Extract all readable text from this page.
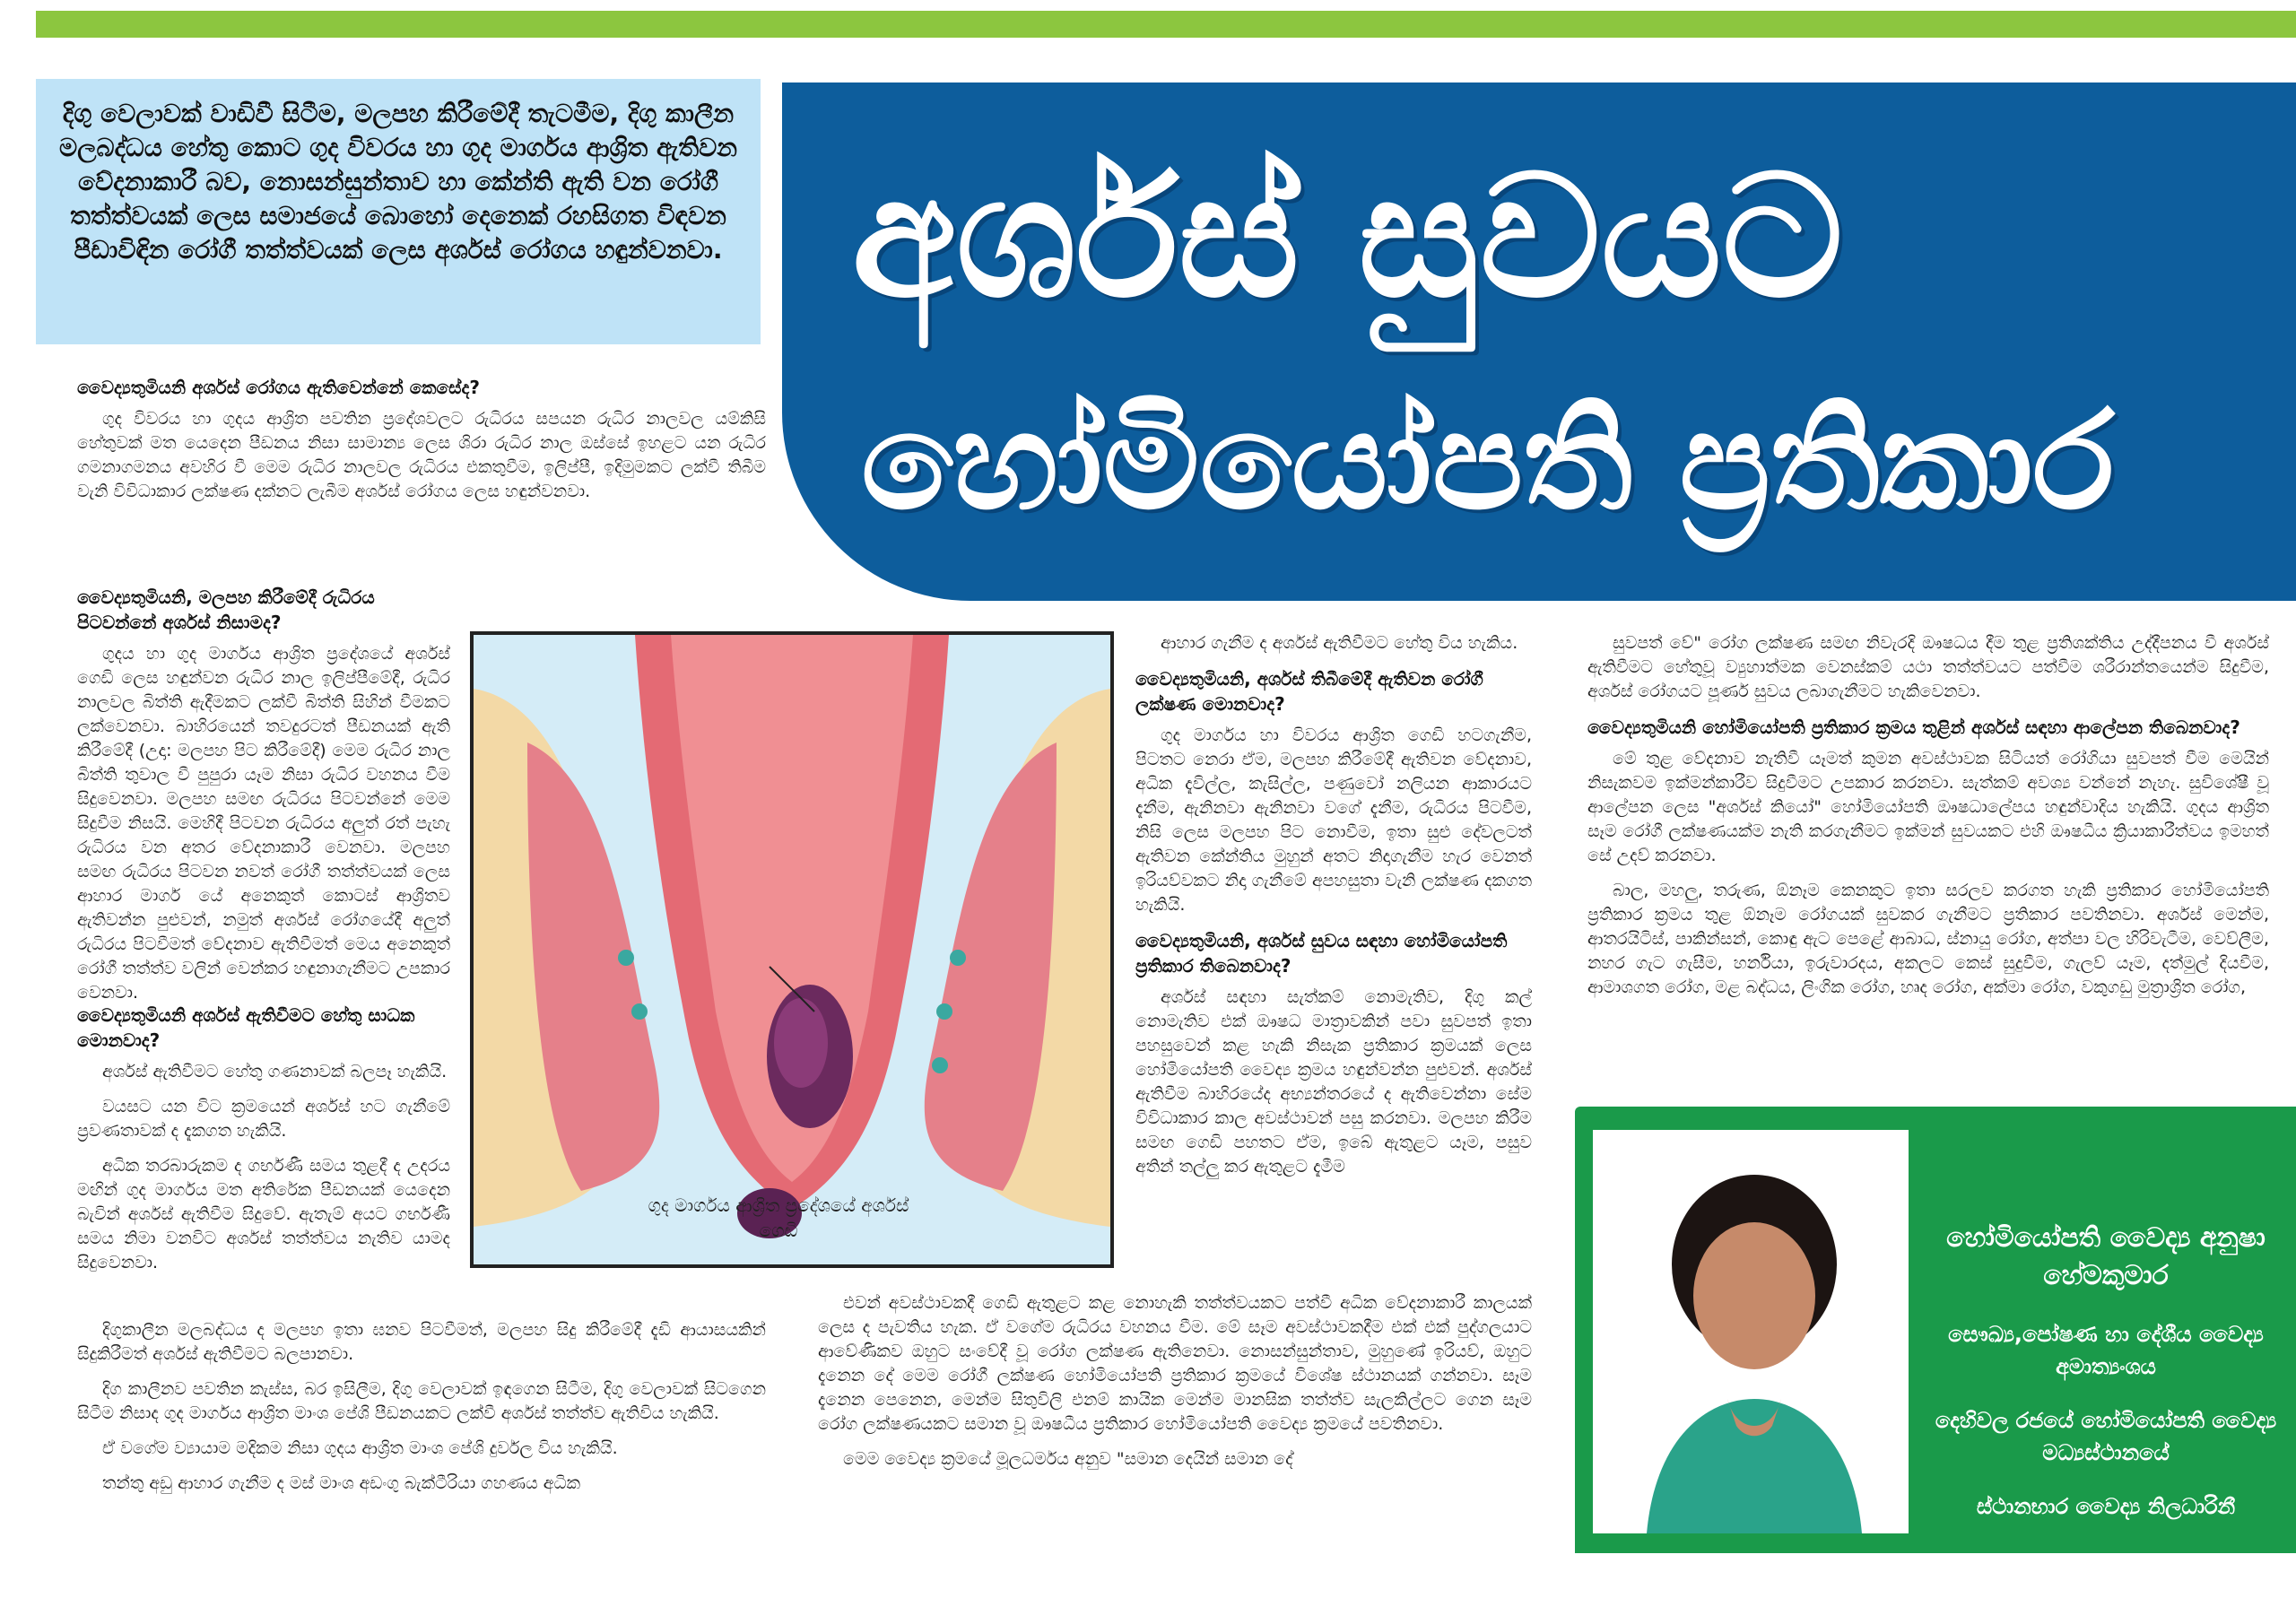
දිගු වෙලාවක් වාඩිවී සිටීම, මලපහ කිරීමේදී තැටමීම, දිගු කාලීන මලබද්ධය හේතු කොට ගුද විවරය හා ගුද මාර්ගය ආශ්‍රිත ඇතිවන වේදනාකාරී බව, නොසන්සුන්තාව හා කේන්ති ඇති වන රෝගී තත්ත්වයක් ලෙස සමාජයේ බොහෝ දෙනෙක් රහසිගත විඳවන පීඩාවිඳින රෝගී තත්ත්වයක් ලෙස අර්ශස් රෝගය හඳුන්වනවා. අර්ශස් සුවයට
හෝමියෝපති ප්‍රතිකාර
වෛද්‍යතුමියනි අර්ශස් රෝගය ඇතිවෙන්නේ කෙසේද?

ගුද විවරය හා ගුදය ආශ්‍රිත පවතින ප්‍රදේශවලට රුධිරය සපයන රුධිර නාලවල යම්කිසි හේතුවක් මත යෙදෙන පීඩනය නිසා සාමාන්‍ය ලෙස ශිරා රුධිර නාල ඔස්සේ ඉහළට යන රුධිර ගමනාගමනය අවහිර වී මෙම රුධිර නාලවල රුධිරය එකතුවීම, ඉලිප්පී, ඉදිමුමකට ලක්වී තිබීම වැනි විවිධාකාර ලක්ෂණ දක්නට ලැබීම අර්ශස් රෝගය ලෙස හඳුන්වනවා.

වෛද්‍යතුමියනි, මලපහ කිරීමේදී රුධිරය පිටවන්නේ අර්ශස් නිසාමද?

ගුදය හා ගුද මාර්ගය ආශ්‍රිත ප්‍රදේශයේ අර්ශස් ගෙඩි ලෙස හඳුන්වන රුධිර නාල ඉලිප්පීමේදී, රුධිර නාලවල බිත්ති ඇදීමකට ලක්වී බිත්ති සිහින් වීමකට ලක්වෙනවා. බාහිරයෙන් තවදුරටත් පීඩනයක් ඇති කිරීමේදී (උදා: මලපහ පිට කිරීමේදී) මෙම රුධිර නාල බිත්ති තුවාල වී පුපුරා යෑම නිසා රුධිර වහනය වීම සිදුවෙනවා. මලපහ සමඟ රුධිරය පිටවන්නේ මෙම සිදුවීම නිසයි. මෙහිදී පිටවන රුධිරය අලුත් රත් පැහැ රුධිරය වන අතර වේදනාකාරී වෙනවා. මලපහ සමඟ රුධිරය පිටවන නවත් රෝගී තත්ත්වයක් ලෙස ආහාර මාර්ග යේ අනෙකුත් කොටස් ආශ්‍රිතව ඇතිවන්න පුළුවන්, නමුත් අර්ශස් රෝගයේදී අලුත් රුධිරය පිටවීමත් වේදනාව ඇතිවීමත් මෙය අනෙකුත් රෝගී තත්ත්ව වලින් වෙන්කර හඳුනාගැනීමට උපකාර වෙනවා.

වෛද්‍යතුමියනි අර්ශස් ඇතිවීමට හේතු සාධක මොනවාද?

අර්ශස් ඇතිවීමට හේතු ගණනාවක් බලපෑ හැකියි.

වයසට යන විට ක්‍රමයෙන් අර්ශස් හට ගැනීමේ ප්‍රවණතාවක් ද දැකගත හැකියි.

අධික තරබාරුකම ද ගර්භණී සමය තුළදී ද උදරය මඟින් ගුද මාර්ගය මත අතිරේක පීඩනයක් යෙදෙන බැවින් අර්ශස් ඇතිවීම සිදුවේ. ඇතැම් අයට ගර්භණී සමය නිමා වනවිට අර්ශස් තත්ත්වය නැතිව යාමද සිදුවෙනවා.

දිගුකාලීන මලබද්ධය ද මලපහ ඉතා ඝනව පිටවීමත්, මලපහ සිදු කිරීමේදී දැඩි ආයාසයකින් සිදුකිරීමත් අර්ශස් ඇතිවීමට බලපානවා.

දිග කාලීනව පවතින කැස්ස, බර ඉසිලීම, දිගු වෙලාවක් ඉඳගෙන සිටීම, දිගු වෙලාවක් සිටගෙන සිටීම නිසාද ගුද මාර්ගය ආශ්‍රිත මාංශ පේශි පීඩනයකට ලක්වී අර්ශස් තත්ත්ව ඇතිවිය හැකියි.

ඒ වගේම ව්‍යායාම මදිකම නිසා ගුදය ආශ්‍රිත මාංශ පේශි දුර්වල විය හැකියි.

තන්තු අඩු ආහාර ගැනීම ද මස් මාංශ අඩංගු බැක්ටීරියා ගහණය අධික

ගුද මාර්ගය ආශ්‍රිත ප්‍රදේශයේ අර්ශස් ගෙඩි

ආහාර ගැනීම ද අර්ශස් ඇතිවීමට හේතු විය හැකිය.

වෛද්‍යතුමියනි, අර්ශස් තිබීමේදී ඇතිවන රෝගී ලක්ෂණ මොනවාද?

ගුද මාර්ගය හා විවරය ආශ්‍රිත ගෙඩි හටගැනීම, පිටතට නෙරා ඒම, මලපහ කිරීමේදී ඇතිවන වේදනාව, අධික දැවිල්ල, කැසිල්ල, පණුවෝ නලියන ආකාරයට දැනීම, ඇනිනවා ඇනිනවා වගේ දැනීම, රුධිරය පිටවීම, නිසි ලෙස මලපහ පිට නොවීම, ඉතා සුළු දේවලටත් ඇතිවන කේන්තිය මුහුන් අතට නිදාගැනීම හැර වෙනත් ඉරියව්වකට නිදා ගැනීමේ අපහසුතා වැනි ලක්ෂණ දකගත හැකියි.

වෛද්‍යතුමියනි, අර්ශස් සුවය සඳහා හෝමියෝපති ප්‍රතිකාර තිබෙනවාද?

අර්ශස් සඳහා සැත්කම් නොමැතිව, දිගු කල් නොමැතිව එක් ඖෂධ මාත්‍රාවකින් පවා සුවපත් ඉතා පහසුවෙන් කළ හැකි නිසැක ප්‍රතිකාර ක්‍රමයක් ලෙස හෝමියෝපති වෛද්‍ය ක්‍රමය හඳුන්වන්න පුළුවන්. අර්ශස් ඇතිවීම බාහිරයේද අභ්‍යන්තරයේ ද ඇතිවෙන්නා සේම විවිධාකාර කාල අවස්ථාවන් පසු කරනවා. මලපහ කිරීම සමඟ ගෙඩි පහතට ඒම, ඉබේ ඇතුළට යෑම, පසුව අතින් තල්ලු කර ඇතුළට දැමීම

එවන් අවස්ථාවකදී ගෙඩි ඇතුළට කළ නොහැකි තත්ත්වයකට පත්වී අධික වේදනාකාරී කාලයක් ලෙස ද පැවතිය හැක. ඒ වගේම රුධිරය වහනය වීම. මේ සෑම අවස්ථාවකදීම එක් එක් පුද්ගලයාට ආවේණිකව ඔහුට සංවේදී වූ රෝග ලක්ෂණ ඇතිනෙවා. නොසන්සුන්තාව, මුහුණේ ඉරියව්, ඔහුට දැනෙන දේ මෙම රෝගී ලක්ෂණ හෝමියෝපති ප්‍රතිකාර ක්‍රමයේ විශේෂ ස්ථානයක් ගන්නවා. සෑම දැනෙන පෙනෙන, මෙන්ම සිතුවිලි එනම් කායික මෙන්ම මානසික තත්ත්ව සැලකිල්ලට ගෙන සෑම රෝග ලක්ෂණයකට සමාන වූ ඖෂධීය ප්‍රතිකාර හෝමියෝපති වෛද්‍ය ක්‍රමයේ පවතිනවා.

මෙම වෛද්‍ය ක්‍රමයේ මූලධර්මය අනුව "සමාන දෙයින් සමාන දේ

සුවපත් වේ" රෝග ලක්ෂණ සමඟ නිවැරදි ඖෂධය දීම තුළ ප්‍රතිශක්තිය උද්දීපනය වී අර්ශස් ඇතිවීමට හේතුවූ ව්‍යුහාත්මක වෙනස්කම් යථා තත්ත්වයට පත්වීම ශරීරාන්තයෙන්ම සිදුවීම, අර්ශස් රෝගයට පූර්ණ සුවය ලබාගැනීමට හැකිවෙනවා.

වෛද්‍යතුමියනි හෝමියෝපති ප්‍රතිකාර ක්‍රමය තුළින් අර්ශස් සඳහා ආලේපන තිබෙනවාද?

මේ තුළ වේදනාව නැතිවී යෑමත් කුමන අවස්ථාවක සිටියත් රෝගියා සුවපත් වීම මෙයින් නිසැකවම ඉක්මන්කාරීව සිදුවීමට උපකාර කරනවා. සැත්කම් අවශ්‍ය වන්නේ නැහැ. සුවිශේෂී වූ ආලේපන ලෙස "අර්ශස් කියෝ" හෝමියෝපති ඖෂධාලේපය හඳුන්වාදිය හැකියි. ගුදය ආශ්‍රිත සෑම රෝගී ලක්ෂණයක්ම නැති කරගැනීමට ඉක්මන් සුවයකට එහි ඖෂධීය ක්‍රියාකාරීත්වය ඉමහත් සේ උදව් කරනවා.

බාල, මහලු, තරුණ, ඕනෑම කෙනකුට ඉතා සරලව කරගත හැකි ප්‍රතිකාර හෝමියෝපති ප්‍රතිකාර ක්‍රමය තුළ ඕනෑම රෝගයක් සුවකර ගැනීමට ප්‍රතිකාර පවතිනවා. අර්ශස් මෙන්ම, ආතරයිටිස්, පාකින්සන්, කොඳු ඇට පෙළේ ආබාධ, ස්නායු රෝග, අත්පා වල හිරිවැටීම, වෙව්ලීම, නහර ගැට ගැසීම, හර්නියා, ඉරුවාරදය, අකලට කෙස් සුදුවීම, ගැලව් යෑම, දත්මුල් දියවීම, ආමාශගත රෝග, මළ බද්ධය, ලිංගික රෝග, හෘද රෝග, අක්මා රෝග, වකුගඩු මුත්‍රාශ්‍රිත රෝග,

හෝමියෝපති වෛද්‍ය අනුෂා හේමකුමාර
සෞඛ්‍ය,පෝෂණ හා දේශීය වෛද්‍ය අමාත්‍යංශය
දෙහිවල රජයේ හෝමියෝපති වෛද්‍ය මධ්‍යස්ථානයේ
ස්ථානභාර වෛද්‍ය නිලධාරිනී
